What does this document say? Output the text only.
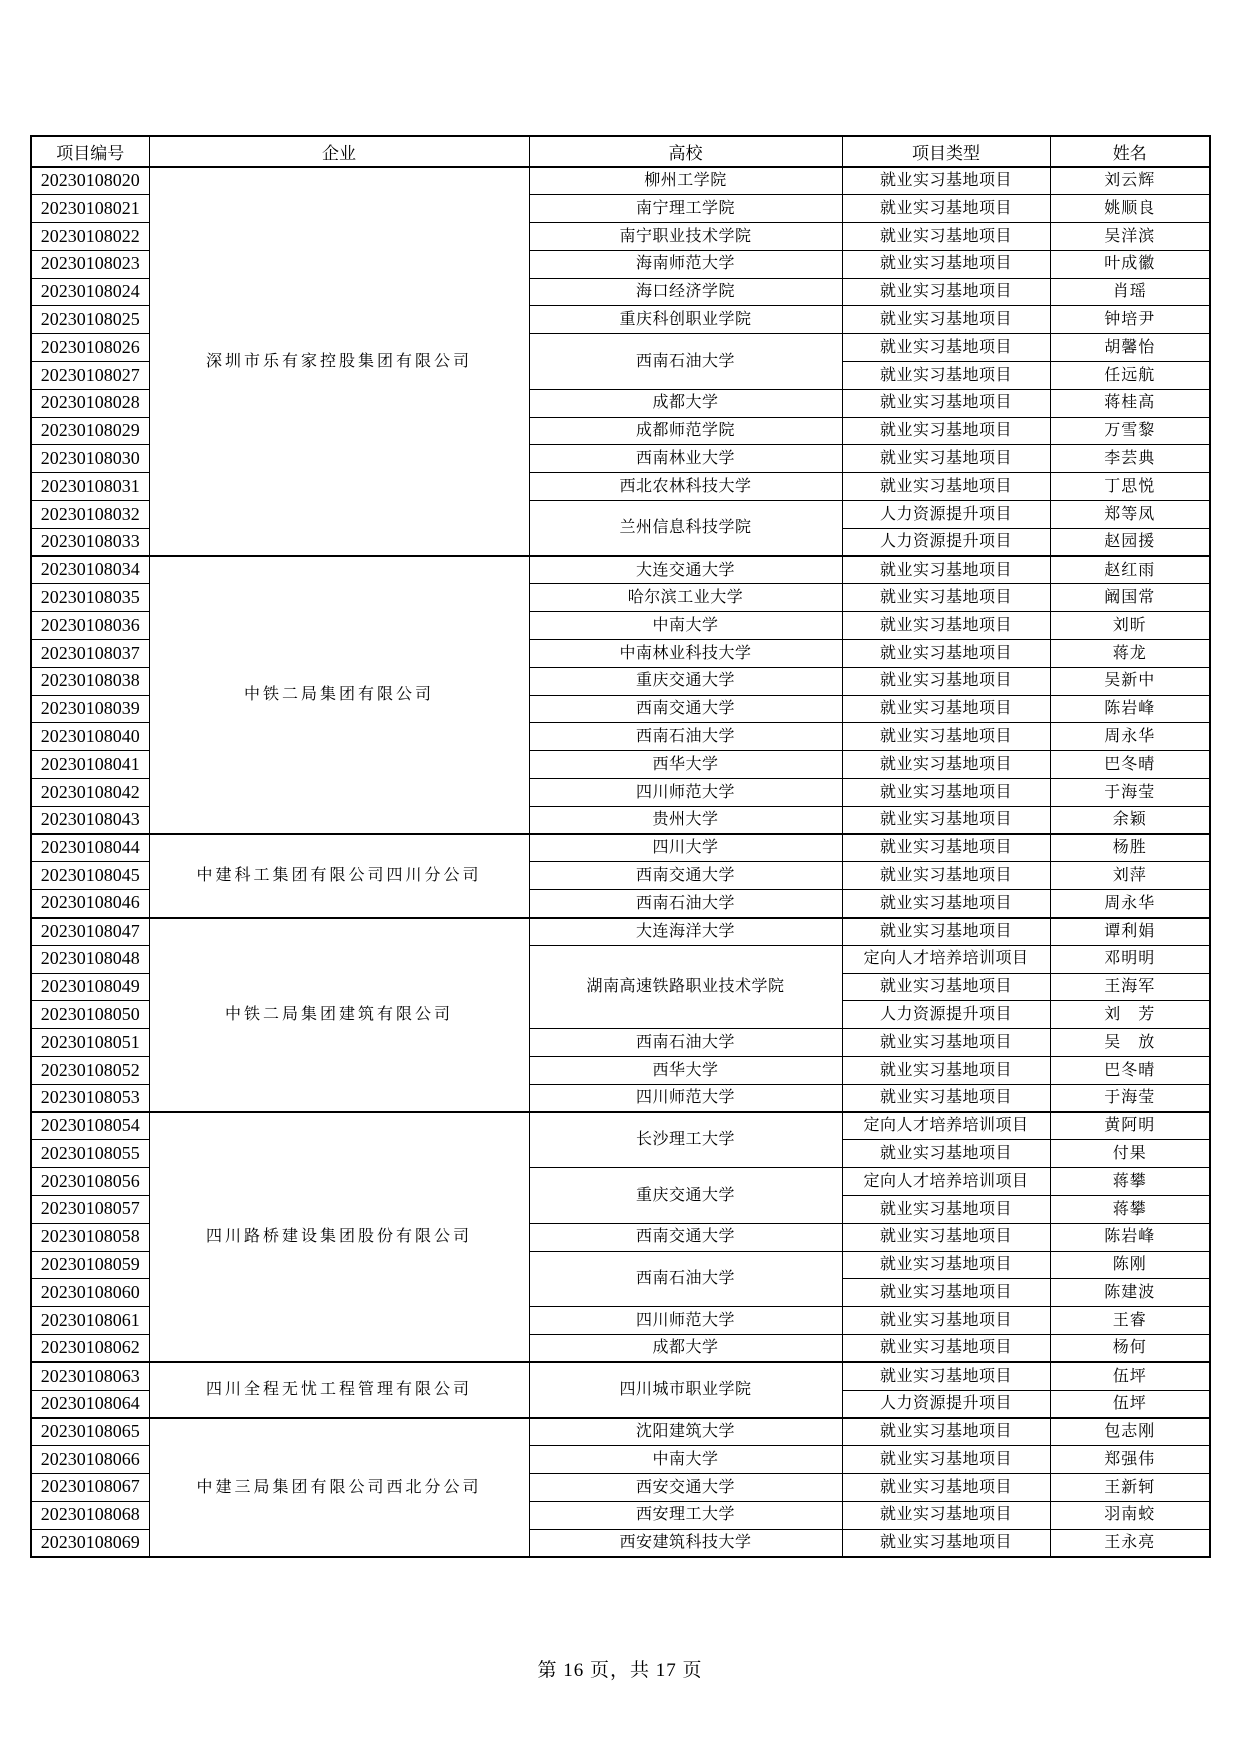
项目编号	企业	高校	项目类型	姓名
20230108020	深圳市乐有家控股集团有限公司	柳州工学院	就业实习基地项目	刘云辉
20230108021		南宁理工学院	就业实习基地项目	姚顺良
20230108022		南宁职业技术学院	就业实习基地项目	吴洋滨
20230108023		海南师范大学	就业实习基地项目	叶成徽
20230108024		海口经济学院	就业实习基地项目	肖瑶
20230108025		重庆科创职业学院	就业实习基地项目	钟培尹
20230108026		西南石油大学	就业实习基地项目	胡馨怡
20230108027			就业实习基地项目	任远航
20230108028		成都大学	就业实习基地项目	蒋桂高
20230108029		成都师范学院	就业实习基地项目	万雪黎
20230108030		西南林业大学	就业实习基地项目	李芸典
20230108031		西北农林科技大学	就业实习基地项目	丁思悦
20230108032		兰州信息科技学院	人力资源提升项目	郑等凤
20230108033			人力资源提升项目	赵园援
20230108034	中铁二局集团有限公司	大连交通大学	就业实习基地项目	赵红雨
20230108035		哈尔滨工业大学	就业实习基地项目	阚国常
20230108036		中南大学	就业实习基地项目	刘昕
20230108037		中南林业科技大学	就业实习基地项目	蒋龙
20230108038		重庆交通大学	就业实习基地项目	吴新中
20230108039		西南交通大学	就业实习基地项目	陈岩峰
20230108040		西南石油大学	就业实习基地项目	周永华
20230108041		西华大学	就业实习基地项目	巴冬晴
20230108042		四川师范大学	就业实习基地项目	于海莹
20230108043		贵州大学	就业实习基地项目	余颖
20230108044	中建科工集团有限公司四川分公司	四川大学	就业实习基地项目	杨胜
20230108045		西南交通大学	就业实习基地项目	刘萍
20230108046		西南石油大学	就业实习基地项目	周永华
20230108047	中铁二局集团建筑有限公司	大连海洋大学	就业实习基地项目	谭利娟
20230108048		湖南高速铁路职业技术学院	定向人才培养培训项目	邓明明
20230108049			就业实习基地项目	王海军
20230108050			人力资源提升项目	刘　芳
20230108051		西南石油大学	就业实习基地项目	吴　放
20230108052		西华大学	就业实习基地项目	巴冬晴
20230108053		四川师范大学	就业实习基地项目	于海莹
20230108054	四川路桥建设集团股份有限公司	长沙理工大学	定向人才培养培训项目	黄阿明
20230108055			就业实习基地项目	付果
20230108056		重庆交通大学	定向人才培养培训项目	蒋攀
20230108057			就业实习基地项目	蒋攀
20230108058		西南交通大学	就业实习基地项目	陈岩峰
20230108059		西南石油大学	就业实习基地项目	陈刚
20230108060			就业实习基地项目	陈建波
20230108061		四川师范大学	就业实习基地项目	王睿
20230108062		成都大学	就业实习基地项目	杨何
20230108063	四川全程无忧工程管理有限公司	四川城市职业学院	就业实习基地项目	伍坪
20230108064			人力资源提升项目	伍坪
20230108065	中建三局集团有限公司西北分公司	沈阳建筑大学	就业实习基地项目	包志刚
20230108066		中南大学	就业实习基地项目	郑强伟
20230108067		西安交通大学	就业实习基地项目	王新轲
20230108068		西安理工大学	就业实习基地项目	羽南蛟
20230108069		西安建筑科技大学	就业实习基地项目	王永亮
第 16 页，共 17 页
